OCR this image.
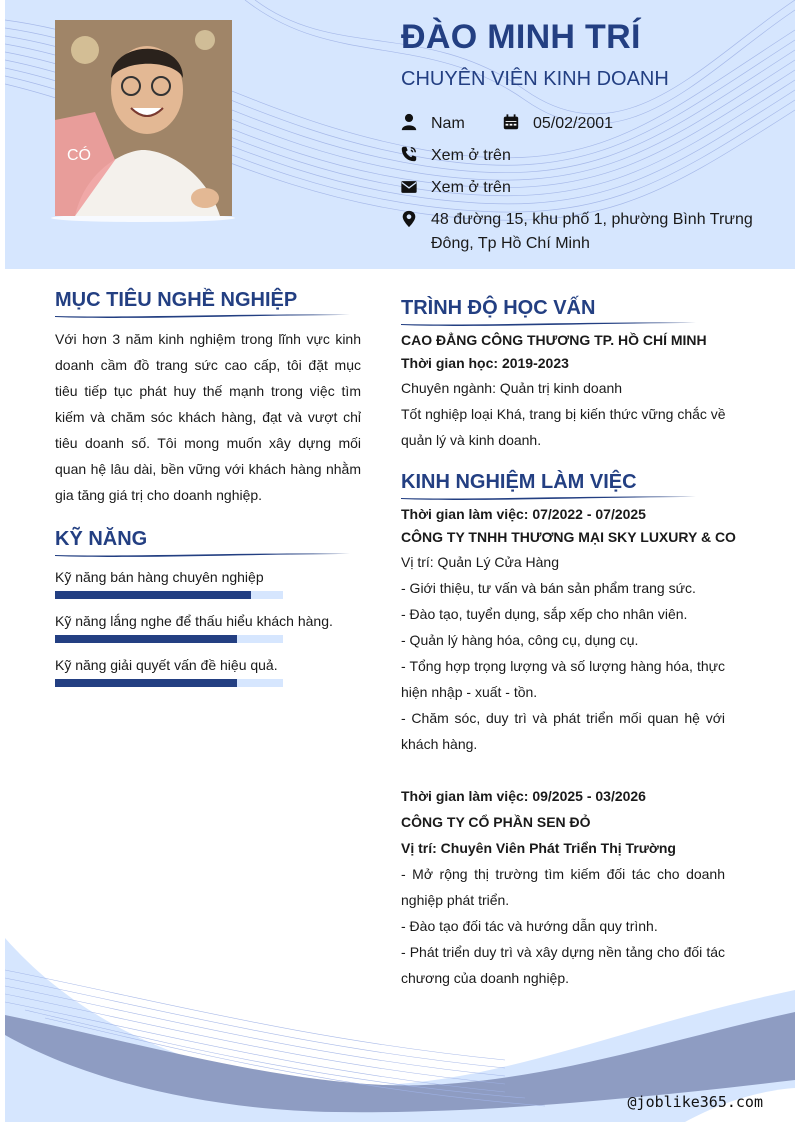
CÓ
ĐÀO MINH TRÍ
CHUYÊN VIÊN KINH DOANH
Nam	05/02/2001
Xem ở trên
Xem ở trên
48 đường 15, khu phố 1, phường Bình Trưng
Đông, Tp Hồ Chí Minh
MỤC TIÊU NGHỀ NGHIỆP
Với hơn 3 năm kinh nghiệm trong lĩnh vực kinh
doanh cầm đồ trang sức cao cấp, tôi đặt mục
tiêu tiếp tục phát huy thế mạnh trong việc tìm
kiếm và chăm sóc khách hàng, đạt và vượt chỉ
tiêu doanh số. Tôi mong muốn xây dựng mối
quan hệ lâu dài, bền vững với khách hàng nhằm
gia tăng giá trị cho doanh nghiệp.
KỸ NĂNG
Kỹ năng bán hàng chuyên nghiệp
Kỹ năng lắng nghe để thấu hiểu khách hàng.
Kỹ năng giải quyết vấn đề hiệu quả.
TRÌNH ĐỘ HỌC VẤN
CAO ĐẲNG CÔNG THƯƠNG TP. HỒ CHÍ MINH
Thời gian học: 2019-2023
Chuyên ngành: Quản trị kinh doanh
Tốt nghiệp loại Khá, trang bị kiến thức vững chắc về
quản lý và kinh doanh.
KINH NGHIỆM LÀM VIỆC
Thời gian làm việc: 07/2022 - 07/2025
CÔNG TY TNHH THƯƠNG MẠI SKY LUXURY & CO
Vị trí: Quản Lý Cửa Hàng
- Giới thiệu, tư vấn và bán sản phẩm trang sức.
- Đào tạo, tuyển dụng, sắp xếp cho nhân viên.
- Quản lý hàng hóa, công cụ, dụng cụ.
- Tổng hợp trọng lượng và số lượng hàng hóa, thực
hiện nhập - xuất - tồn.
- Chăm sóc, duy trì và phát triển mối quan hệ với
khách hàng.
Thời gian làm việc: 09/2025 - 03/2026
CÔNG TY CỔ PHẦN SEN ĐỎ
Vị trí: Chuyên Viên Phát Triển Thị Trường
- Mở rộng thị trường tìm kiếm đối tác cho doanh
nghiệp phát triển.
- Đào tạo đối tác và hướng dẫn quy trình.
- Phát triển duy trì và xây dựng nền tảng cho đối tác
chương của doanh nghiệp.
@joblike365.com
